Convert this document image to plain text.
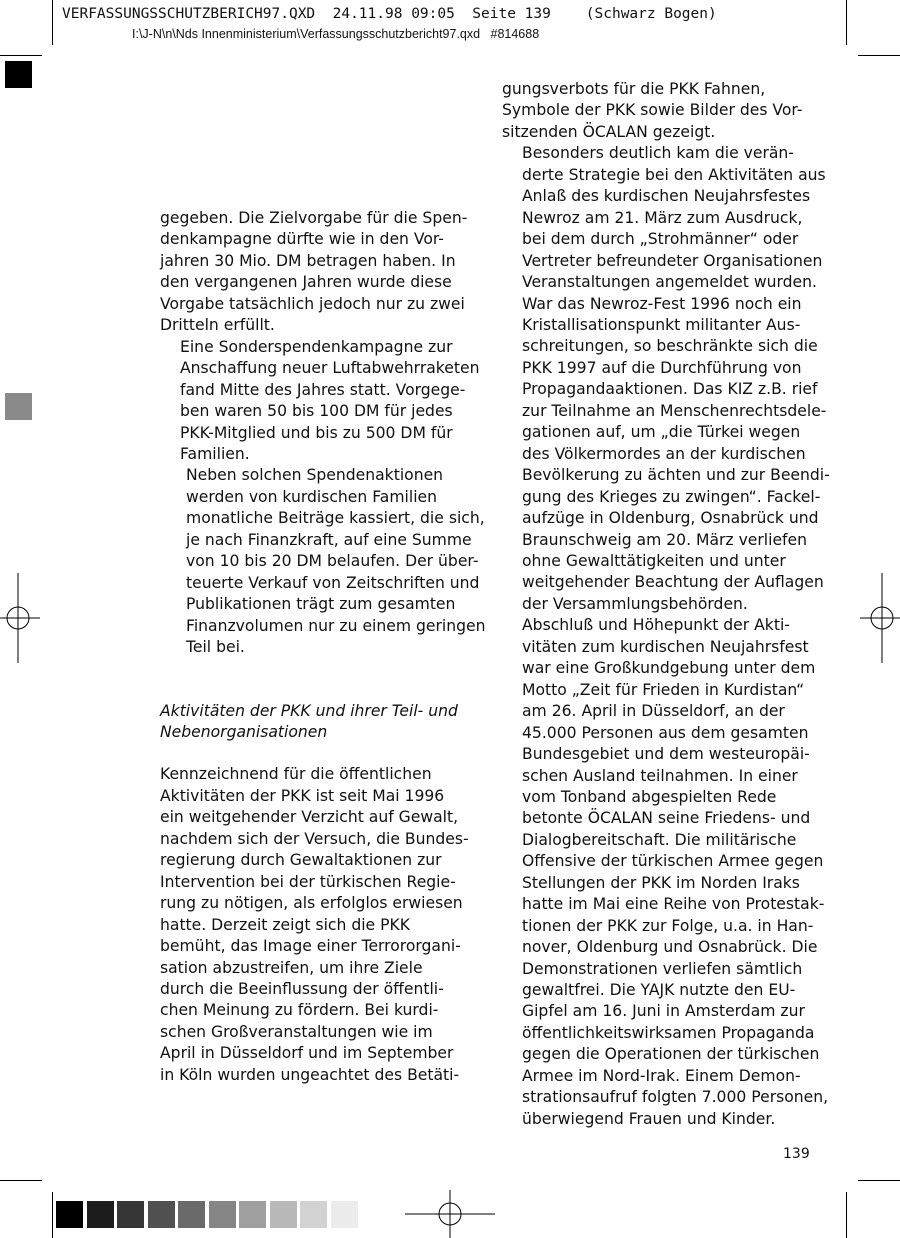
VERFASSUNGSSCHUTZBERICH97.QXD  24.11.98 09:05  Seite 139    (Schwarz Bogen)
I:\J-N\n\Nds Innenministerium\Verfassungsschutzbericht97.qxd   #814688
gegeben. Die Zielvorgabe für die Spen-
denkampagne dürfte wie in den Vor-
jahren 30 Mio. DM betragen haben. In
den vergangenen Jahren wurde diese
Vorgabe tatsächlich jedoch nur zu zwei
Dritteln erfüllt.
Eine Sonderspendenkampagne zur
Anschaffung neuer Luftabwehrraketen
fand Mitte des Jahres statt. Vorgege-
ben waren 50 bis 100 DM für jedes
PKK-Mitglied und bis zu 500 DM für
Familien.
Neben solchen Spendenaktionen
werden von kurdischen Familien
monatliche Beiträge kassiert, die sich,
je nach Finanzkraft, auf eine Summe
von 10 bis 20 DM belaufen. Der über-
teuerte Verkauf von Zeitschriften und
Publikationen trägt zum gesamten
Finanzvolumen nur zu einem geringen
Teil bei.
Aktivitäten der PKK und ihrer Teil- und
Nebenorganisationen
Kennzeichnend für die öffentlichen
Aktivitäten der PKK ist seit Mai 1996
ein weitgehender Verzicht auf Gewalt,
nachdem sich der Versuch, die Bundes-
regierung durch Gewaltaktionen zur
Intervention bei der türkischen Regie-
rung zu nötigen, als erfolglos erwiesen
hatte. Derzeit zeigt sich die PKK
bemüht, das Image einer Terrororgani-
sation abzustreifen, um ihre Ziele
durch die Beeinflussung der öffentli-
chen Meinung zu fördern. Bei kurdi-
schen Großveranstaltungen wie im
April in Düsseldorf und im September
in Köln wurden ungeachtet des Betäti-
gungsverbots für die PKK Fahnen,
Symbole der PKK sowie Bilder des Vor-
sitzenden ÖCALAN gezeigt.
Besonders deutlich kam die verän-
derte Strategie bei den Aktivitäten aus
Anlaß des kurdischen Neujahrsfestes
Newroz am 21. März zum Ausdruck,
bei dem durch „Strohmänner“ oder
Vertreter befreundeter Organisationen
Veranstaltungen angemeldet wurden.
War das Newroz-Fest 1996 noch ein
Kristallisationspunkt militanter Aus-
schreitungen, so beschränkte sich die
PKK 1997 auf die Durchführung von
Propagandaaktionen. Das KIZ z.B. rief
zur Teilnahme an Menschenrechtsdele-
gationen auf, um „die Türkei wegen
des Völkermordes an der kurdischen
Bevölkerung zu ächten und zur Beendi-
gung des Krieges zu zwingen“. Fackel-
aufzüge in Oldenburg, Osnabrück und
Braunschweig am 20. März verliefen
ohne Gewalttätigkeiten und unter
weitgehender Beachtung der Auflagen
der Versammlungsbehörden.
Abschluß und Höhepunkt der Akti-
vitäten zum kurdischen Neujahrsfest
war eine Großkundgebung unter dem
Motto „Zeit für Frieden in Kurdistan“
am 26. April in Düsseldorf, an der
45.000 Personen aus dem gesamten
Bundesgebiet und dem westeuropäi-
schen Ausland teilnahmen. In einer
vom Tonband abgespielten Rede
betonte ÖCALAN seine Friedens- und
Dialogbereitschaft. Die militärische
Offensive der türkischen Armee gegen
Stellungen der PKK im Norden Iraks
hatte im Mai eine Reihe von Protestak-
tionen der PKK zur Folge, u.a. in Han-
nover, Oldenburg und Osnabrück. Die
Demonstrationen verliefen sämtlich
gewaltfrei. Die YAJK nutzte den EU-
Gipfel am 16. Juni in Amsterdam zur
öffentlichkeitswirksamen Propaganda
gegen die Operationen der türkischen
Armee im Nord-Irak. Einem Demon-
strationsaufruf folgten 7.000 Personen,
überwiegend Frauen und Kinder.
139
